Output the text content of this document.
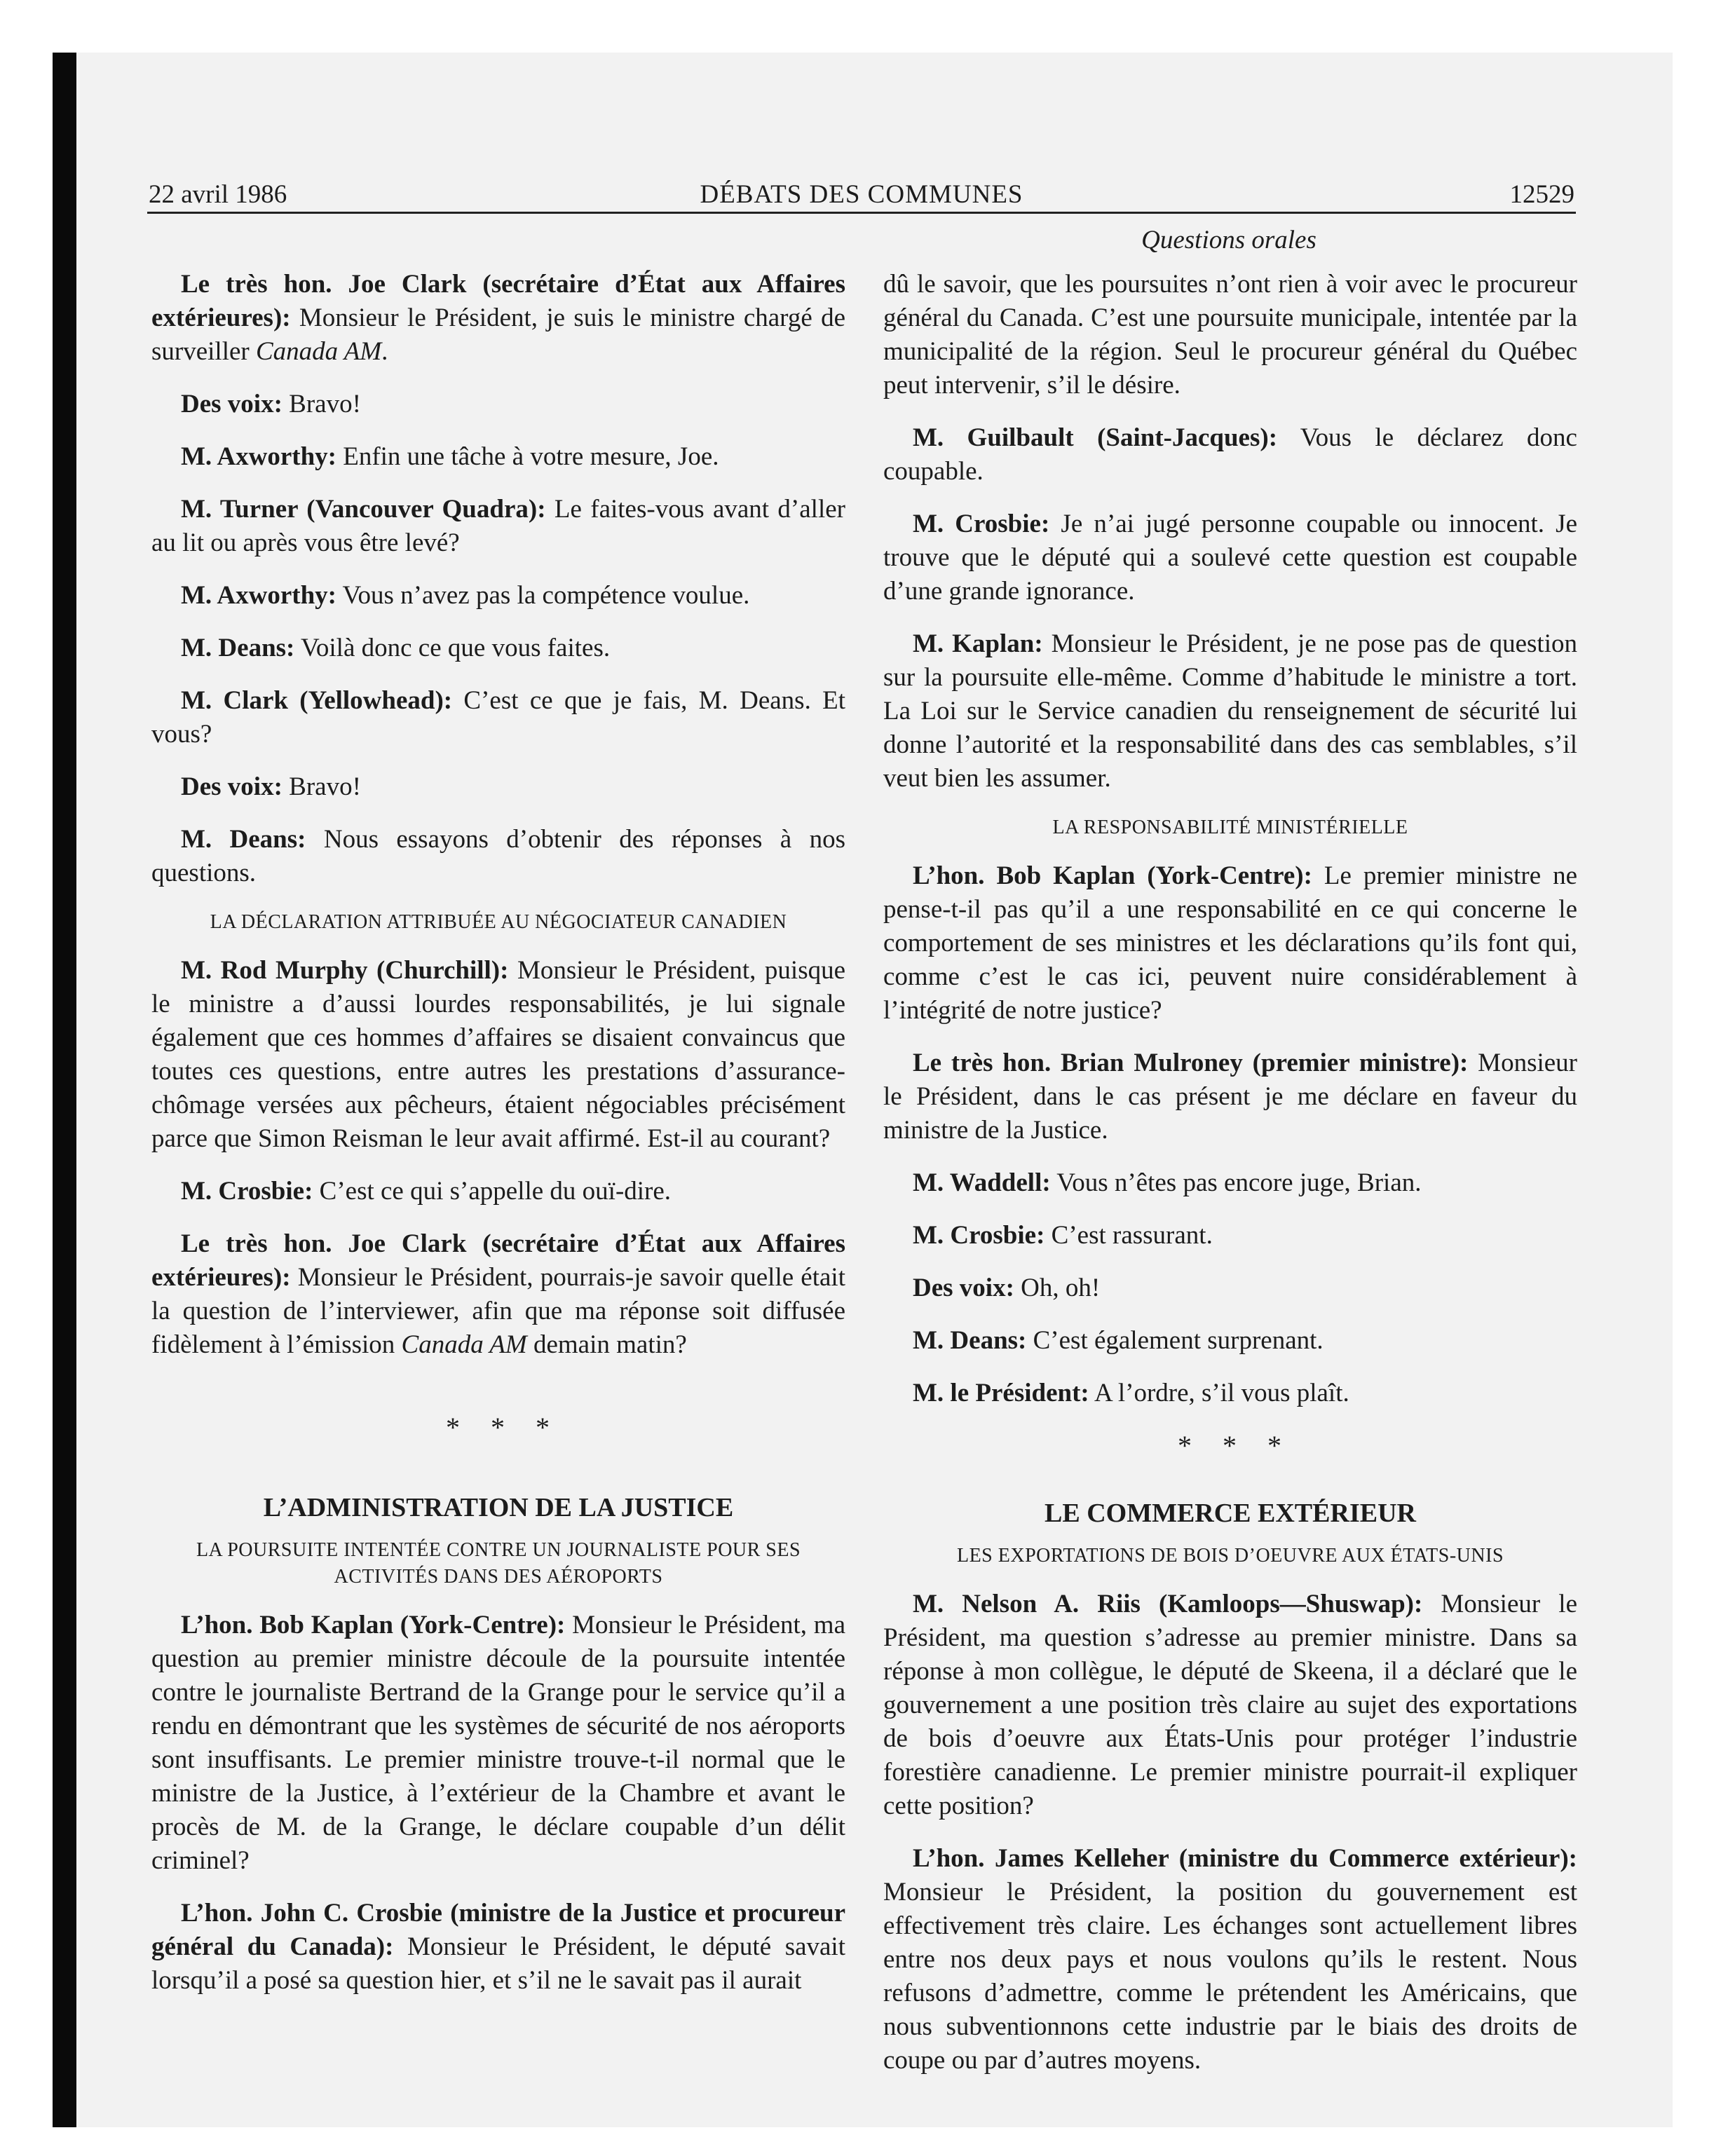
22 avril 1986	DÉBATS DES COMMUNES	12529
Questions orales

Le très hon. Joe Clark (secrétaire d’État aux Affaires extérieures): Monsieur le Président, je suis le ministre chargé de surveiller Canada AM.

Des voix: Bravo!

M. Axworthy: Enfin une tâche à votre mesure, Joe.

M. Turner (Vancouver Quadra): Le faites-vous avant d’aller au lit ou après vous être levé?

M. Axworthy: Vous n’avez pas la compétence voulue.

M. Deans: Voilà donc ce que vous faites.

M. Clark (Yellowhead): C’est ce que je fais, M. Deans. Et vous?

Des voix: Bravo!

M. Deans: Nous essayons d’obtenir des réponses à nos questions.

LA DÉCLARATION ATTRIBUÉE AU NÉGOCIATEUR CANADIEN

M. Rod Murphy (Churchill): Monsieur le Président, puisque le ministre a d’aussi lourdes responsabilités, je lui signale également que ces hommes d’affaires se disaient convaincus que toutes ces questions, entre autres les prestations d’assurance-chômage versées aux pêcheurs, étaient négociables précisément parce que Simon Reisman le leur avait affirmé. Est-il au courant?

M. Crosbie: C’est ce qui s’appelle du ouï-dire.

Le très hon. Joe Clark (secrétaire d’État aux Affaires extérieures): Monsieur le Président, pourrais-je savoir quelle était la question de l’interviewer, afin que ma réponse soit diffusée fidèlement à l’émission Canada AM demain matin?

* * *
L’ADMINISTRATION DE LA JUSTICE
LA POURSUITE INTENTÉE CONTRE UN JOURNALISTE POUR SES ACTIVITÉS DANS DES AÉROPORTS

L’hon. Bob Kaplan (York-Centre): Monsieur le Président, ma question au premier ministre découle de la poursuite intentée contre le journaliste Bertrand de la Grange pour le service qu’il a rendu en démontrant que les systèmes de sécurité de nos aéroports sont insuffisants. Le premier ministre trouve-t-il normal que le ministre de la Justice, à l’extérieur de la Chambre et avant le procès de M. de la Grange, le déclare coupable d’un délit criminel?

L’hon. John C. Crosbie (ministre de la Justice et procureur général du Canada): Monsieur le Président, le député savait lorsqu’il a posé sa question hier, et s’il ne le savait pas il aurait

dû le savoir, que les poursuites n’ont rien à voir avec le procureur général du Canada. C’est une poursuite municipale, intentée par la municipalité de la région. Seul le procureur général du Québec peut intervenir, s’il le désire.

M. Guilbault (Saint-Jacques): Vous le déclarez donc coupable.

M. Crosbie: Je n’ai jugé personne coupable ou innocent. Je trouve que le député qui a soulevé cette question est coupable d’une grande ignorance.

M. Kaplan: Monsieur le Président, je ne pose pas de question sur la poursuite elle-même. Comme d’habitude le ministre a tort. La Loi sur le Service canadien du renseignement de sécurité lui donne l’autorité et la responsabilité dans des cas semblables, s’il veut bien les assumer.

LA RESPONSABILITÉ MINISTÉRIELLE

L’hon. Bob Kaplan (York-Centre): Le premier ministre ne pense-t-il pas qu’il a une responsabilité en ce qui concerne le comportement de ses ministres et les déclarations qu’ils font qui, comme c’est le cas ici, peuvent nuire considérablement à l’intégrité de notre justice?

Le très hon. Brian Mulroney (premier ministre): Monsieur le Président, dans le cas présent je me déclare en faveur du ministre de la Justice.

M. Waddell: Vous n’êtes pas encore juge, Brian.

M. Crosbie: C’est rassurant.

Des voix: Oh, oh!

M. Deans: C’est également surprenant.

M. le Président: A l’ordre, s’il vous plaît.

* * *
LE COMMERCE EXTÉRIEUR
LES EXPORTATIONS DE BOIS D’OEUVRE AUX ÉTATS-UNIS

M. Nelson A. Riis (Kamloops—Shuswap): Monsieur le Président, ma question s’adresse au premier ministre. Dans sa réponse à mon collègue, le député de Skeena, il a déclaré que le gouvernement a une position très claire au sujet des exportations de bois d’oeuvre aux États-Unis pour protéger l’industrie forestière canadienne. Le premier ministre pourrait-il expliquer cette position?

L’hon. James Kelleher (ministre du Commerce extérieur): Monsieur le Président, la position du gouvernement est effectivement très claire. Les échanges sont actuellement libres entre nos deux pays et nous voulons qu’ils le restent. Nous refusons d’admettre, comme le prétendent les Américains, que nous subventionnons cette industrie par le biais des droits de coupe ou par d’autres moyens.
